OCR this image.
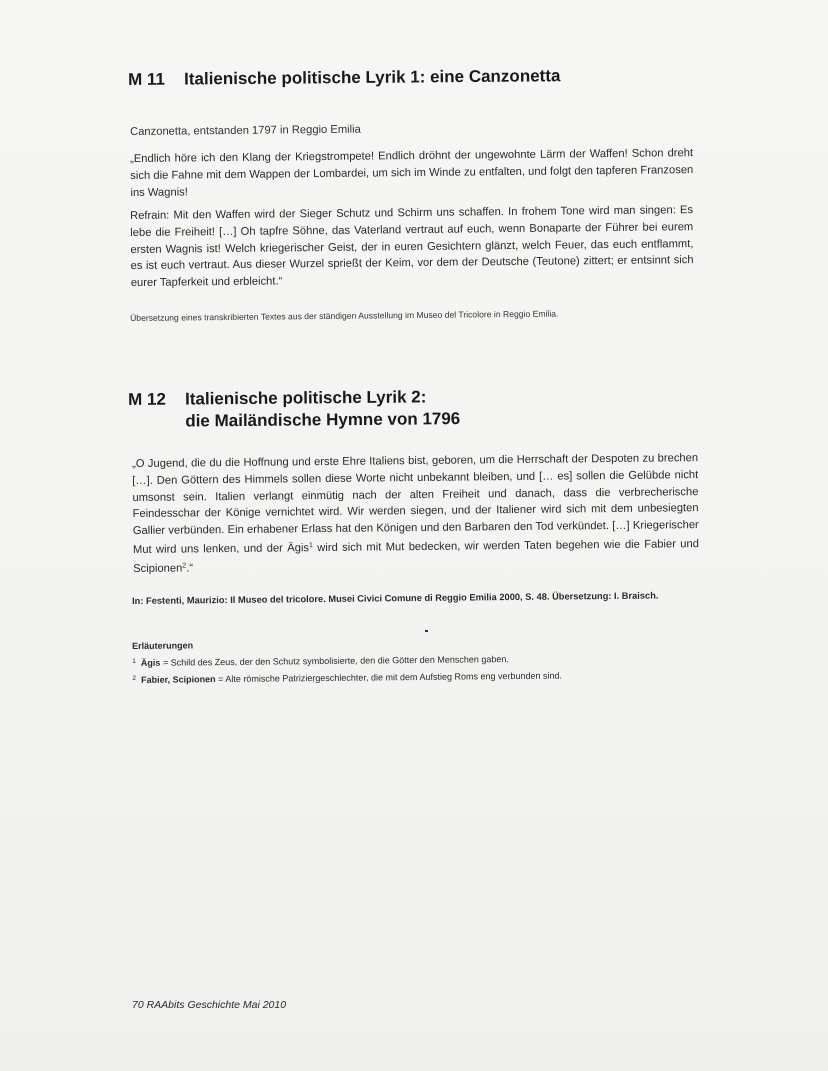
M 11 Italienische politische Lyrik 1: eine Canzonetta
Canzonetta, entstanden 1797 in Reggio Emilia
„Endlich höre ich den Klang der Kriegstrompete! Endlich dröhnt der ungewohnte Lärm der Waffen! Schon dreht sich die Fahne mit dem Wappen der Lombardei, um sich im Winde zu entfalten, und folgt den tapferen Franzosen ins Wagnis!
Refrain: Mit den Waffen wird der Sieger Schutz und Schirm uns schaffen. In frohem Tone wird man singen: Es lebe die Freiheit! […] Oh tapfre Söhne, das Vaterland vertraut auf euch, wenn Bonaparte der Führer bei eurem ersten Wagnis ist! Welch kriegerischer Geist, der in euren Gesichtern glänzt, welch Feuer, das euch entflammt, es ist euch vertraut. Aus dieser Wurzel sprießt der Keim, vor dem der Deutsche (Teutone) zittert; er entsinnt sich eurer Tapferkeit und erbleicht.“
Übersetzung eines transkribierten Textes aus der ständigen Ausstellung im Museo del Tricolore in Reggio Emilia.
M 12 Italienische politische Lyrik 2:
die Mailändische Hymne von 1796
„O Jugend, die du die Hoffnung und erste Ehre Italiens bist, geboren, um die Herrschaft der Despoten zu brechen […]. Den Göttern des Himmels sollen diese Worte nicht unbekannt bleiben, und [… es] sollen die Gelübde nicht umsonst sein. Italien verlangt einmütig nach der alten Freiheit und danach, dass die verbrecherische Feindesschar der Könige vernichtet wird. Wir werden siegen, und der Italiener wird sich mit dem unbesiegten Gallier verbünden. Ein erhabener Erlass hat den Königen und den Barbaren den Tod verkündet. […] Kriegerischer Mut wird uns lenken, und der Ägis$^1$ wird sich mit Mut bedecken, wir werden Taten begehen wie die Fabier und Scipionen$^2$.“
In: Festenti, Maurizio: Il Museo del tricolore. Musei Civici Comune di Reggio Emilia 2000, S. 48. Übersetzung: I. Braisch.
Erläuterungen
$^1$ Ägis = Schild des Zeus, der den Schutz symbolisierte, den die Götter den Menschen gaben.
$^2$ Fabier, Scipionen = Alte römische Patriziergeschlechter, die mit dem Aufstieg Roms eng verbunden sind.
70 RAAbits Geschichte Mai 2010
